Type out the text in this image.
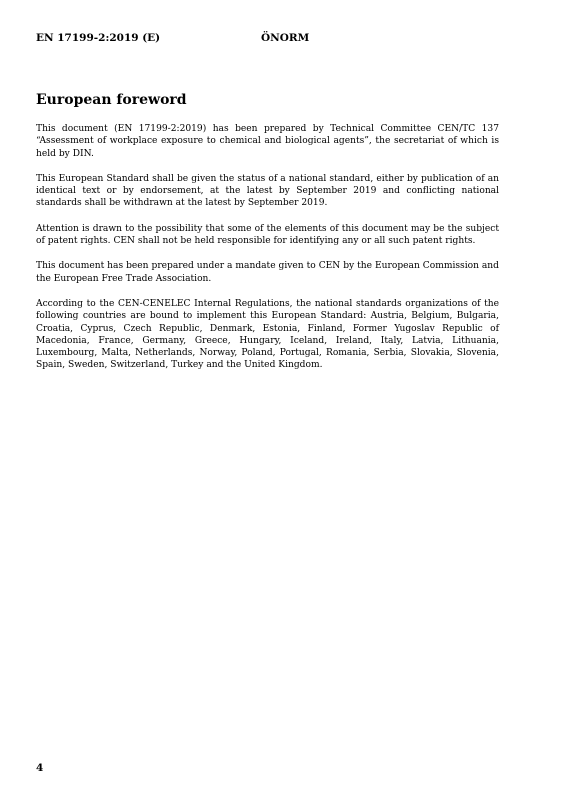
EN 17199-2:2019 (E)	ÖNORM
European foreword

This document (EN 17199-2:2019) has been prepared by Technical Committee CEN/TC 137 “Assessment of workplace exposure to chemical and biological agents”, the secretariat of which is held by DIN.

This European Standard shall be given the status of a national standard, either by publication of an identical text or by endorsement, at the latest by September 2019 and conflicting national standards shall be withdrawn at the latest by September 2019.

Attention is drawn to the possibility that some of the elements of this document may be the subject of patent rights. CEN shall not be held responsible for identifying any or all such patent rights.

This document has been prepared under a mandate given to CEN by the European Commission and the European Free Trade Association.

According to the CEN-CENELEC Internal Regulations, the national standards organizations of the following countries are bound to implement this European Standard: Austria, Belgium, Bulgaria, Croatia, Cyprus, Czech Republic, Denmark, Estonia, Finland, Former Yugoslav Republic of Macedonia, France, Germany, Greece, Hungary, Iceland, Ireland, Italy, Latvia, Lithuania, Luxembourg, Malta, Netherlands, Norway, Poland, Portugal, Romania, Serbia, Slovakia, Slovenia, Spain, Sweden, Switzerland, Turkey and the United Kingdom.

4
